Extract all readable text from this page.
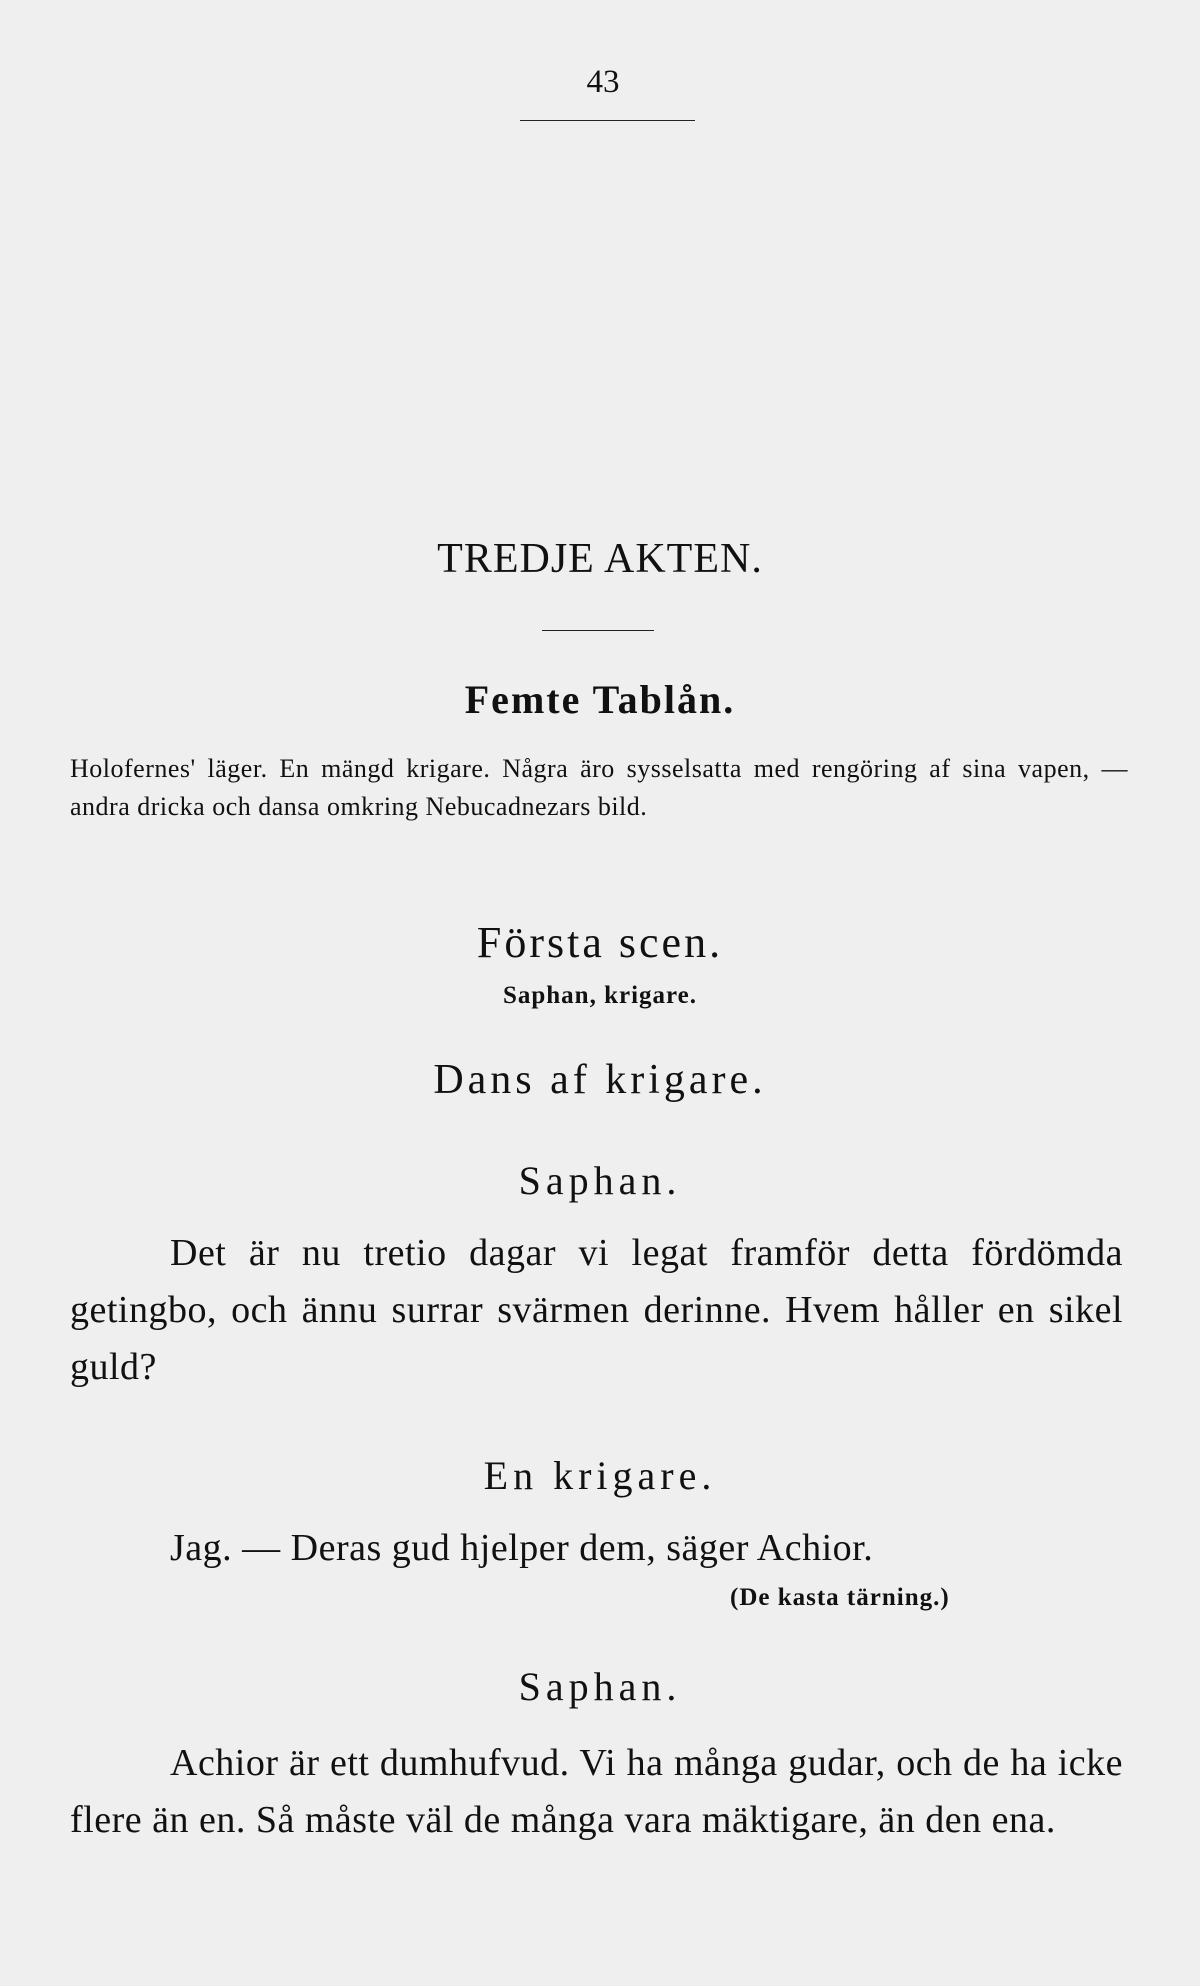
43
TREDJE AKTEN.
Femte Tablån.
Holofernes' läger. En mängd krigare. Några äro sysselsatta med rengöring af sina vapen, — andra dricka och dansa omkring Nebucadnezars bild.
Första scen.
Saphan, krigare.
Dans af krigare.
Saphan.
Det är nu tretio dagar vi legat framför detta fördömda getingbo, och ännu surrar svärmen derinne. Hvem håller en sikel guld?
En krigare.
Jag. — Deras gud hjelper dem, säger Achior.
(De kasta tärning.)
Saphan.
Achior är ett dumhufvud. Vi ha många gudar, och de ha icke flere än en. Så måste väl de många vara mäktigare, än den ena.
